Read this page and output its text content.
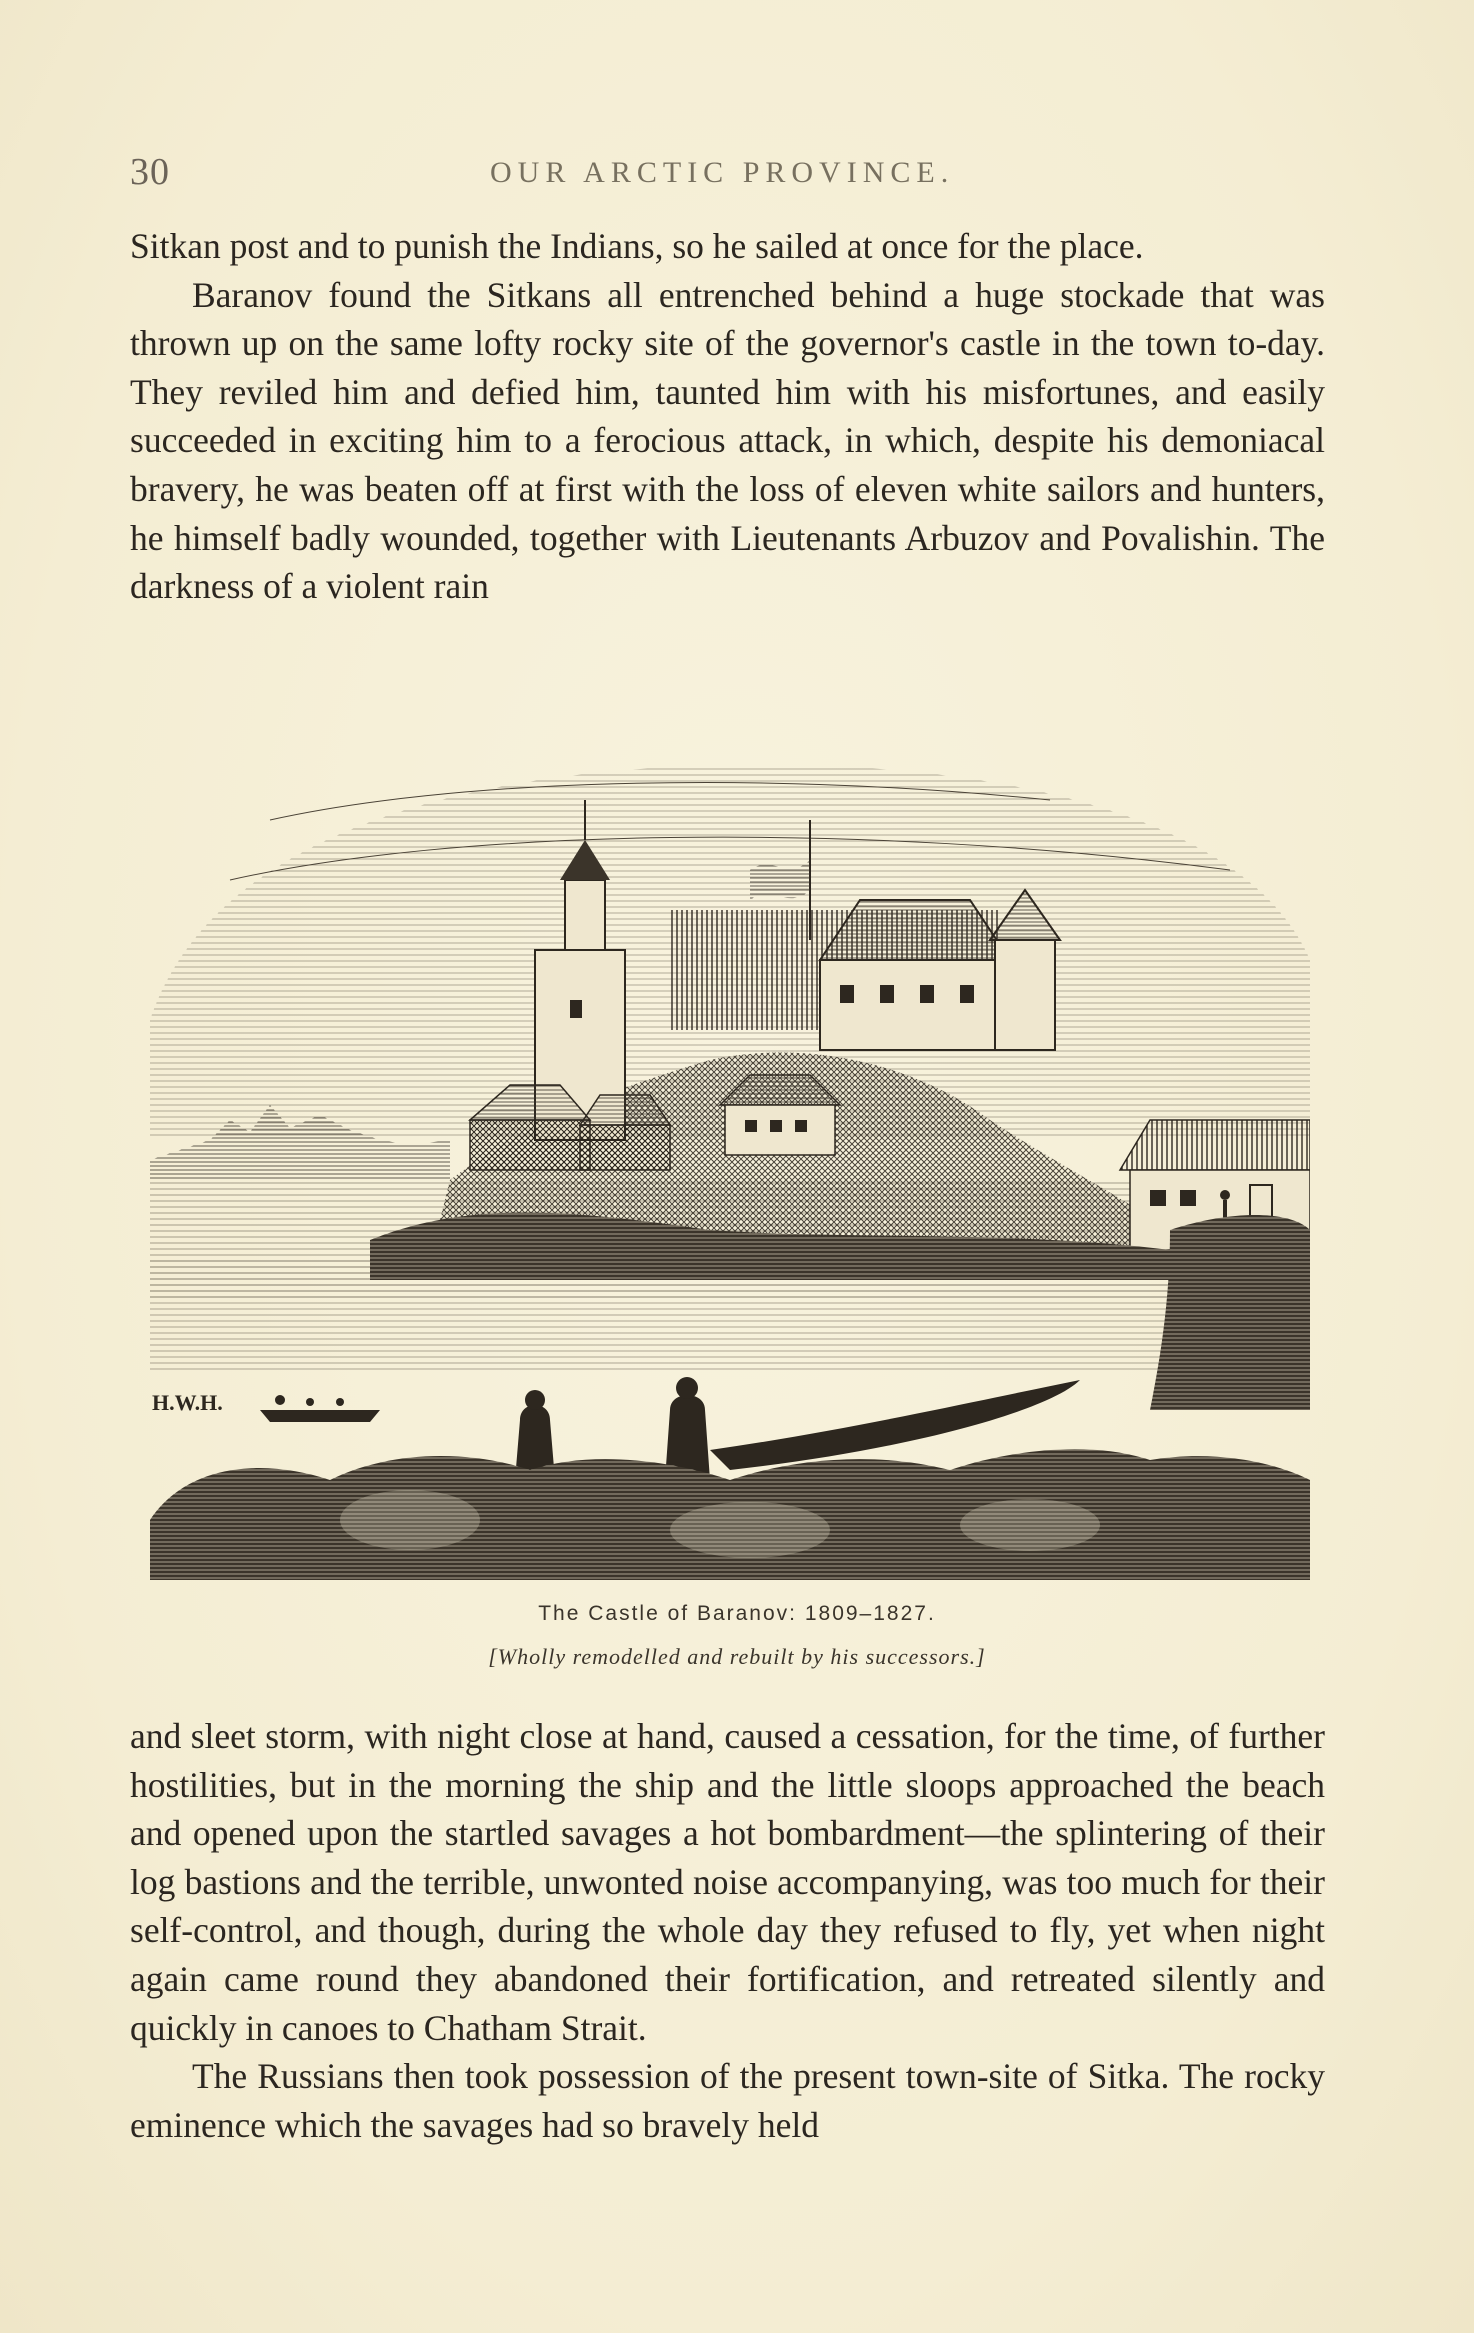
30	OUR ARCTIC PROVINCE.

Sitkan post and to punish the Indians, so he sailed at once for the place.

Baranov found the Sitkans all entrenched behind a huge stockade that was thrown up on the same lofty rocky site of the governor's castle in the town to-day. They reviled him and defied him, taunted him with his misfortunes, and easily succeeded in exciting him to a ferocious attack, in which, despite his demoniacal bravery, he was beaten off at first with the loss of eleven white sailors and hunters, he himself badly wounded, together with Lieutenants Arbuzov and Povalishin. The darkness of a violent rain

H.W.H.
The Castle of Baranov: 1809–1827.
[Wholly remodelled and rebuilt by his successors.]

and sleet storm, with night close at hand, caused a cessation, for the time, of further hostilities, but in the morning the ship and the little sloops approached the beach and opened upon the startled savages a hot bombardment—the splintering of their log bastions and the terrible, unwonted noise accompanying, was too much for their self-control, and though, during the whole day they refused to fly, yet when night again came round they abandoned their fortification, and retreated silently and quickly in canoes to Chatham Strait.

The Russians then took possession of the present town-site of Sitka. The rocky eminence which the savages had so bravely held
